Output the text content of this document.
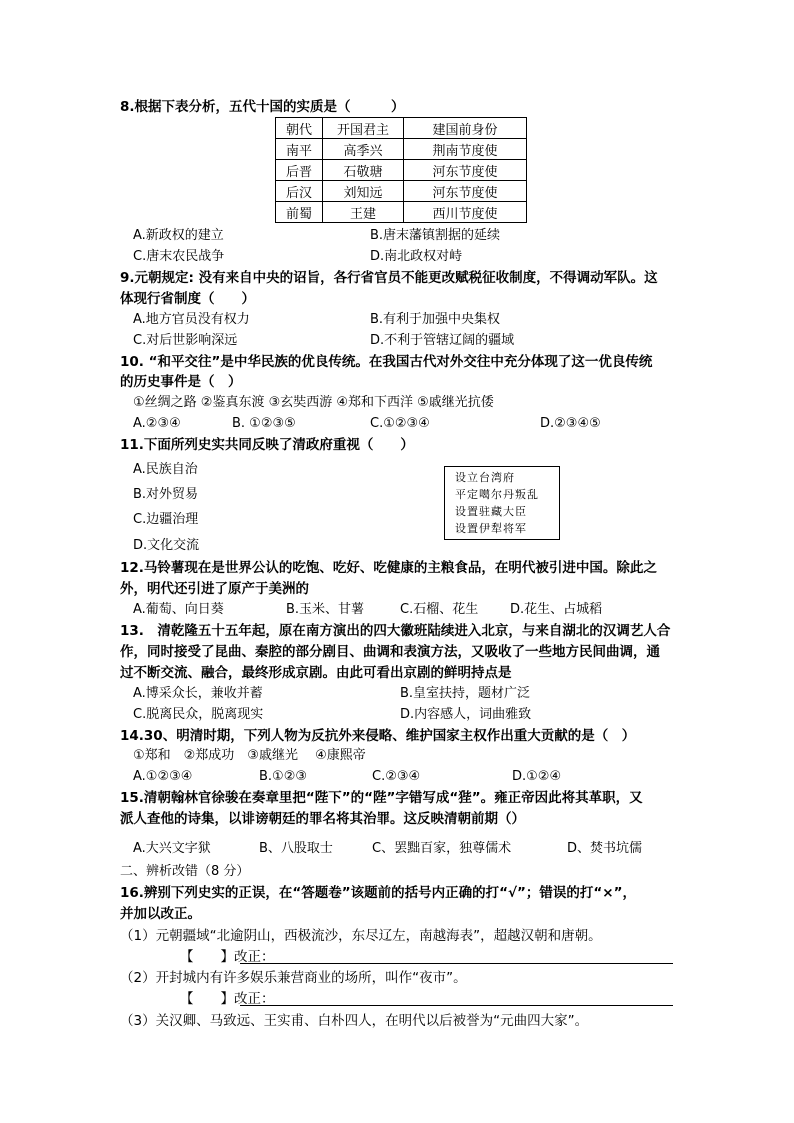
8.根据下表分析，五代十国的实质是（　　　）
朝代	开国君主	建国前身份
南平	高季兴	荆南节度使
后晋	石敬瑭	河东节度使
后汉	刘知远	河东节度使
前蜀	王建	西川节度使
A.新政权的建立	B.唐末藩镇割据的延续
C.唐末农民战争	D.南北政权对峙
9.元朝规定: 没有来自中央的诏旨，各行省官员不能更改赋税征收制度，不得调动军队。这
体现行省制度（　　）
A.地方官员没有权力	B.有利于加强中央集权
C.对后世影响深远	D.不利于管辖辽阔的疆域
10. “和平交往”是中华民族的优良传统。在我国古代对外交往中充分体现了这一优良传统
的历史事件是（　）
①丝绸之路 ②鉴真东渡 ③玄奘西游 ④郑和下西洋 ⑤戚继光抗倭
A.②③④	B. ①②③⑤	C.①②③④	D.②③④⑤
11.下面所列史实共同反映了清政府重视（　　）
A.民族自治
B.对外贸易
C.边疆治理
D.文化交流
设立台湾府
平定噶尔丹叛乱
设置驻藏大臣
设置伊犁将军
12.马铃薯现在是世界公认的吃饱、吃好、吃健康的主粮食品，在明代被引进中国。除此之
外，明代还引进了原产于美洲的
A.葡萄、向日葵	B.玉米、甘薯	C.石榴、花生 D.花生、占城稻
13.　清乾隆五十五年起，原在南方演出的四大徽班陆续进入北京，与来自湖北的汉调艺人合
作，同时接受了昆曲、秦腔的部分剧目、曲调和表演方法，又吸收了一些地方民间曲调，通
过不断交流、融合，最终形成京剧。由此可看出京剧的鲜明持点是
A.博采众长，兼收并蓄	B.皇室扶持，题材广泛
C.脱离民众，脱离现实	D.内容感人，词曲雅致
14.30、明清时期，下列人物为反抗外来侵略、维护国家主权作出重大贡献的是（　）
①郑和　②郑成功　③戚继光　 ④康熙帝
A.①②③④	B.①②③	C.②③④	D.①②④
15.清朝翰林官徐骏在奏章里把“陛下”的“陛”字错写成“狴”。雍正帝因此将其革职，又
派人查他的诗集，以诽谤朝廷的罪名将其治罪。这反映清朝前期（）
A.大兴文字狱	B、八股取士	C、罢黜百家，独尊儒术	D、焚书坑儒
二、辨析改错（8 分）
16.辨别下列史实的正误，在“答题卷”该题前的括号内正确的打“√”；错误的打“×”，
并加以改正。
（1）元朝疆域“北逾阴山，西极流沙，东尽辽左，南越海表”，超越汉朝和唐朝。
【　　】改正：
（2）开封城内有许多娱乐兼营商业的场所，叫作“夜市”。
【　　】改正：
（3）关汉卿、马致远、王实甫、白朴四人，在明代以后被誉为“元曲四大家”。
